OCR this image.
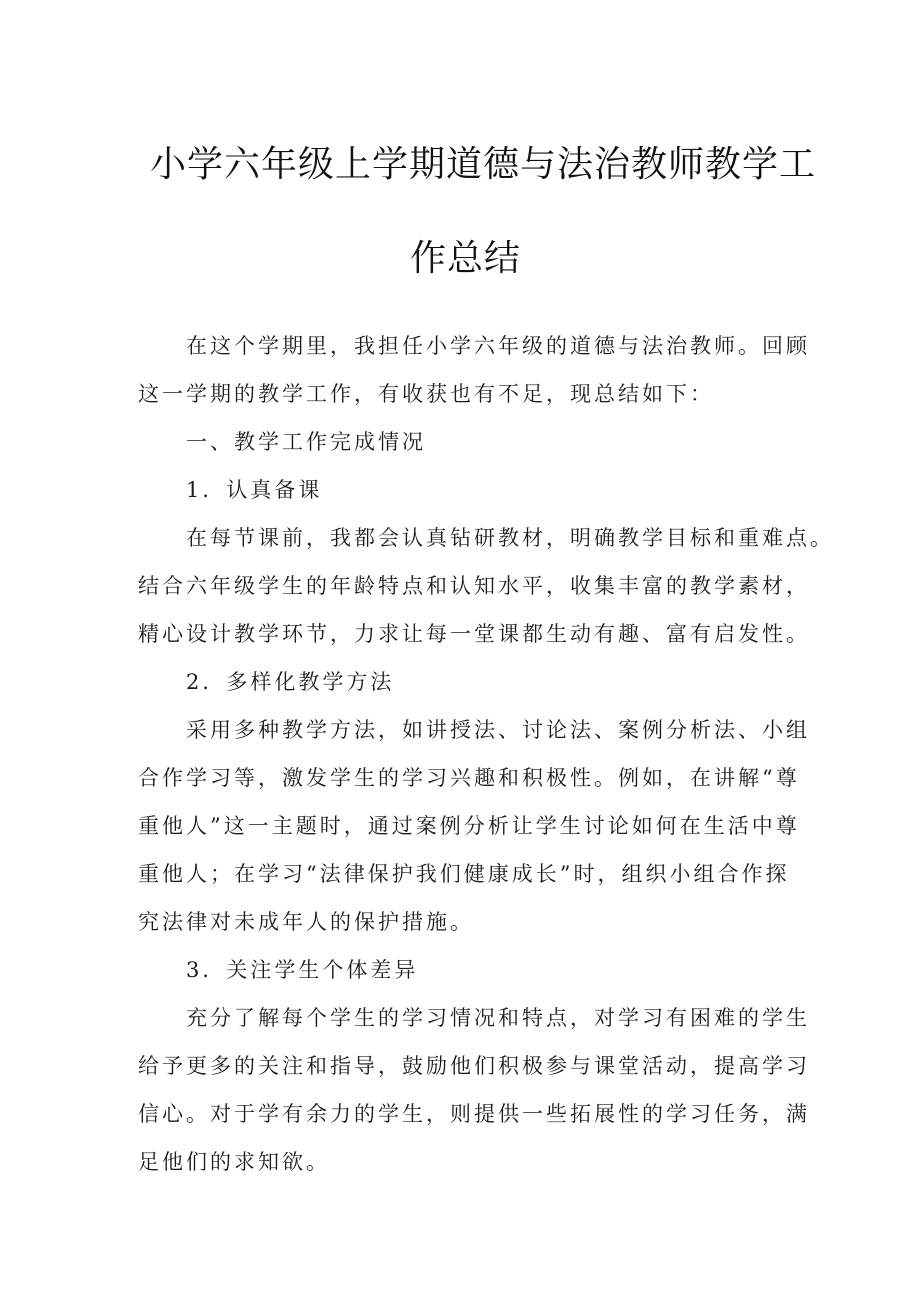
小学六年级上学期道德与法治教师教学工
作总结
在这个学期里，我担任小学六年级的道德与法治教师。回顾
这一学期的教学工作，有收获也有不足，现总结如下：
一、教学工作完成情况
1．认真备课
在每节课前，我都会认真钻研教材，明确教学目标和重难点。
结合六年级学生的年龄特点和认知水平，收集丰富的教学素材，
精心设计教学环节，力求让每一堂课都生动有趣、富有启发性。
2．多样化教学方法
采用多种教学方法，如讲授法、讨论法、案例分析法、小组
合作学习等，激发学生的学习兴趣和积极性。例如，在讲解“尊
重他人”这一主题时，通过案例分析让学生讨论如何在生活中尊
重他人；在学习“法律保护我们健康成长”时，组织小组合作探
究法律对未成年人的保护措施。
3．关注学生个体差异
充分了解每个学生的学习情况和特点，对学习有困难的学生
给予更多的关注和指导，鼓励他们积极参与课堂活动，提高学习
信心。对于学有余力的学生，则提供一些拓展性的学习任务，满
足他们的求知欲。
